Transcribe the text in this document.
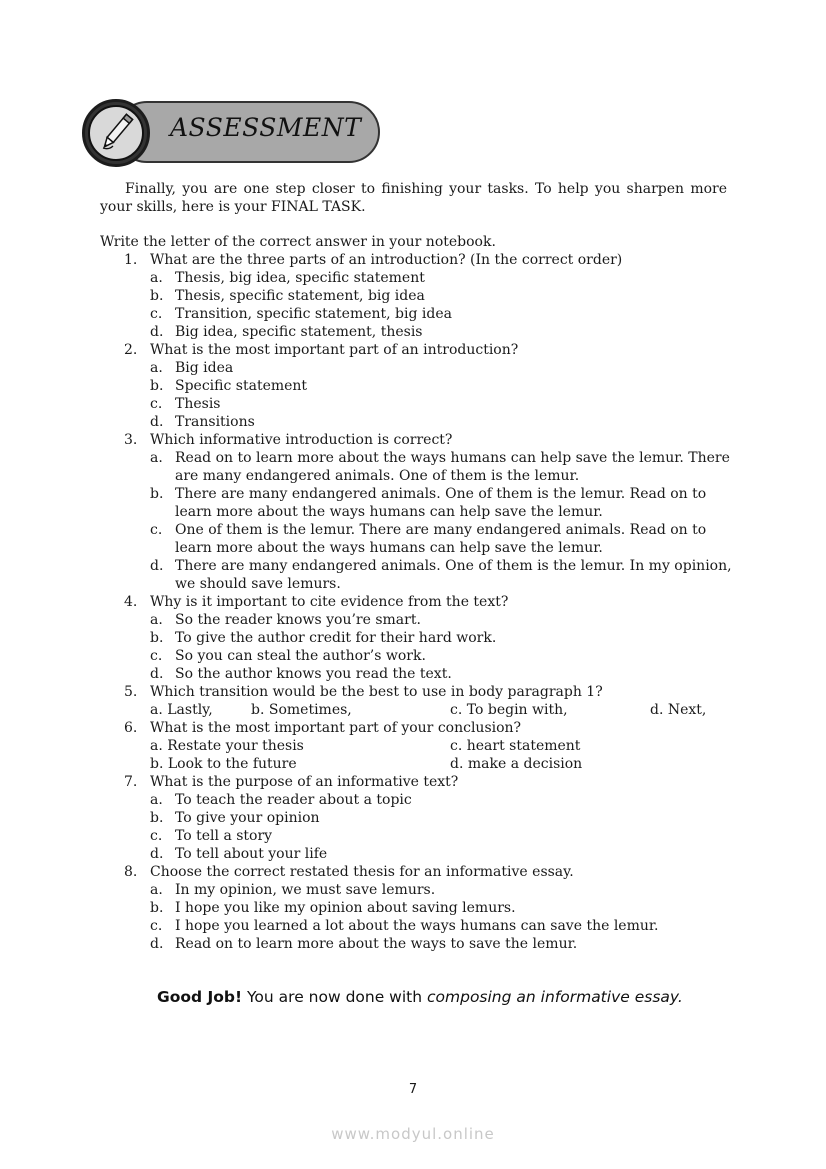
ASSESSMENT
Finally, you are one step closer to finishing your tasks. To help you sharpen more your skills, here is your FINAL TASK.
Write the letter of the correct answer in your notebook.
1. What are the three parts of an introduction? (In the correct order)
a. Thesis, big idea, specific statement
b. Thesis, specific statement, big idea
c. Transition, specific statement, big idea
d. Big idea, specific statement, thesis
2. What is the most important part of an introduction?
a. Big idea
b. Specific statement
c. Thesis
d. Transitions
3. Which informative introduction is correct?
a. Read on to learn more about the ways humans can help save the lemur. There are many endangered animals. One of them is the lemur.
b. There are many endangered animals. One of them is the lemur. Read on to learn more about the ways humans can help save the lemur.
c. One of them is the lemur. There are many endangered animals. Read on to learn more about the ways humans can help save the lemur.
d. There are many endangered animals. One of them is the lemur. In my opinion, we should save lemurs.
4. Why is it important to cite evidence from the text?
a. So the reader knows you’re smart.
b. To give the author credit for their hard work.
c. So you can steal the author’s work.
d. So the author knows you read the text.
5. Which transition would be the best to use in body paragraph 1?
a. Lastly,	b. Sometimes,	c. To begin with,	d. Next,
6. What is the most important part of your conclusion?
a. Restate your thesis	c. heart statement
b. Look to the future	d. make a decision
7. What is the purpose of an informative text?
a. To teach the reader about a topic
b. To give your opinion
c. To tell a story
d. To tell about your life
8. Choose the correct restated thesis for an informative essay.
a. In my opinion, we must save lemurs.
b. I hope you like my opinion about saving lemurs.
c. I hope you learned a lot about the ways humans can save the lemur.
d. Read on to learn more about the ways to save the lemur.
Good Job! You are now done with composing an informative essay.
7
www.modyul.online
